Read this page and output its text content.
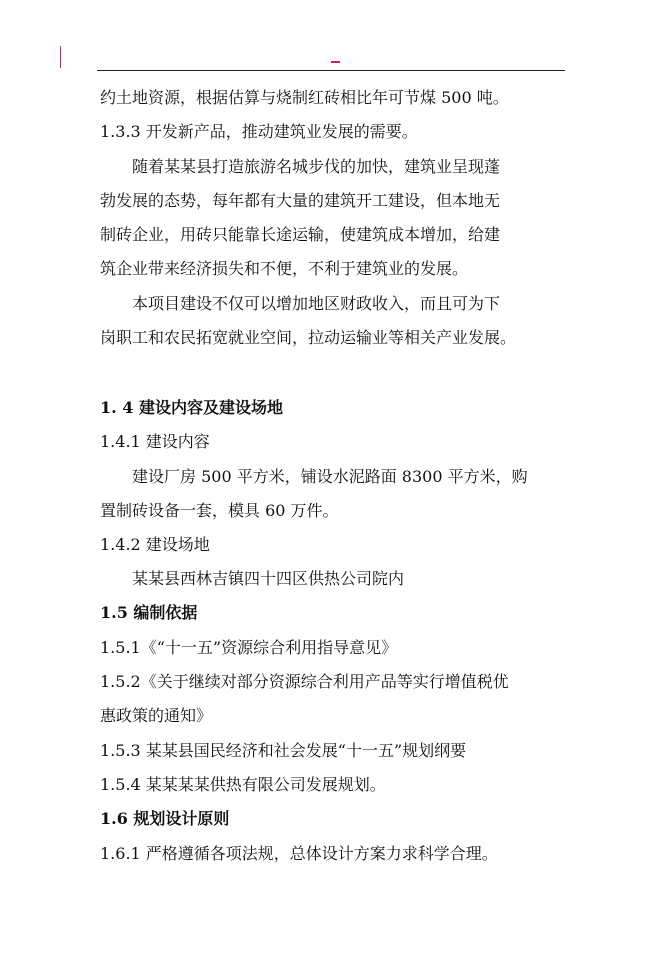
约土地资源，根据估算与烧制红砖相比年可节煤 500 吨。

1.3.3 开发新产品，推动建筑业发展的需要。

随着某某县打造旅游名城步伐的加快，建筑业呈现蓬

勃发展的态势，每年都有大量的建筑开工建设，但本地无

制砖企业，用砖只能靠长途运输，使建筑成本增加，给建

筑企业带来经济损失和不便，不利于建筑业的发展。

本项目建设不仅可以增加地区财政收入，而且可为下

岗职工和农民拓宽就业空间，拉动运输业等相关产业发展。

1. 4 建设内容及建设场地

1.4.1 建设内容

建设厂房 500 平方米，铺设水泥路面 8300 平方米，购

置制砖设备一套，模具 60 万件。

1.4.2 建设场地

某某县西林吉镇四十四区供热公司院内

1.5 编制依据

1.5.1《“十一五”资源综合利用指导意见》

1.5.2《关于继续对部分资源综合利用产品等实行增值税优

惠政策的通知》

1.5.3 某某县国民经济和社会发展“十一五”规划纲要

1.5.4 某某某某供热有限公司发展规划。

1.6 规划设计原则

1.6.1 严格遵循各项法规，总体设计方案力求科学合理。
